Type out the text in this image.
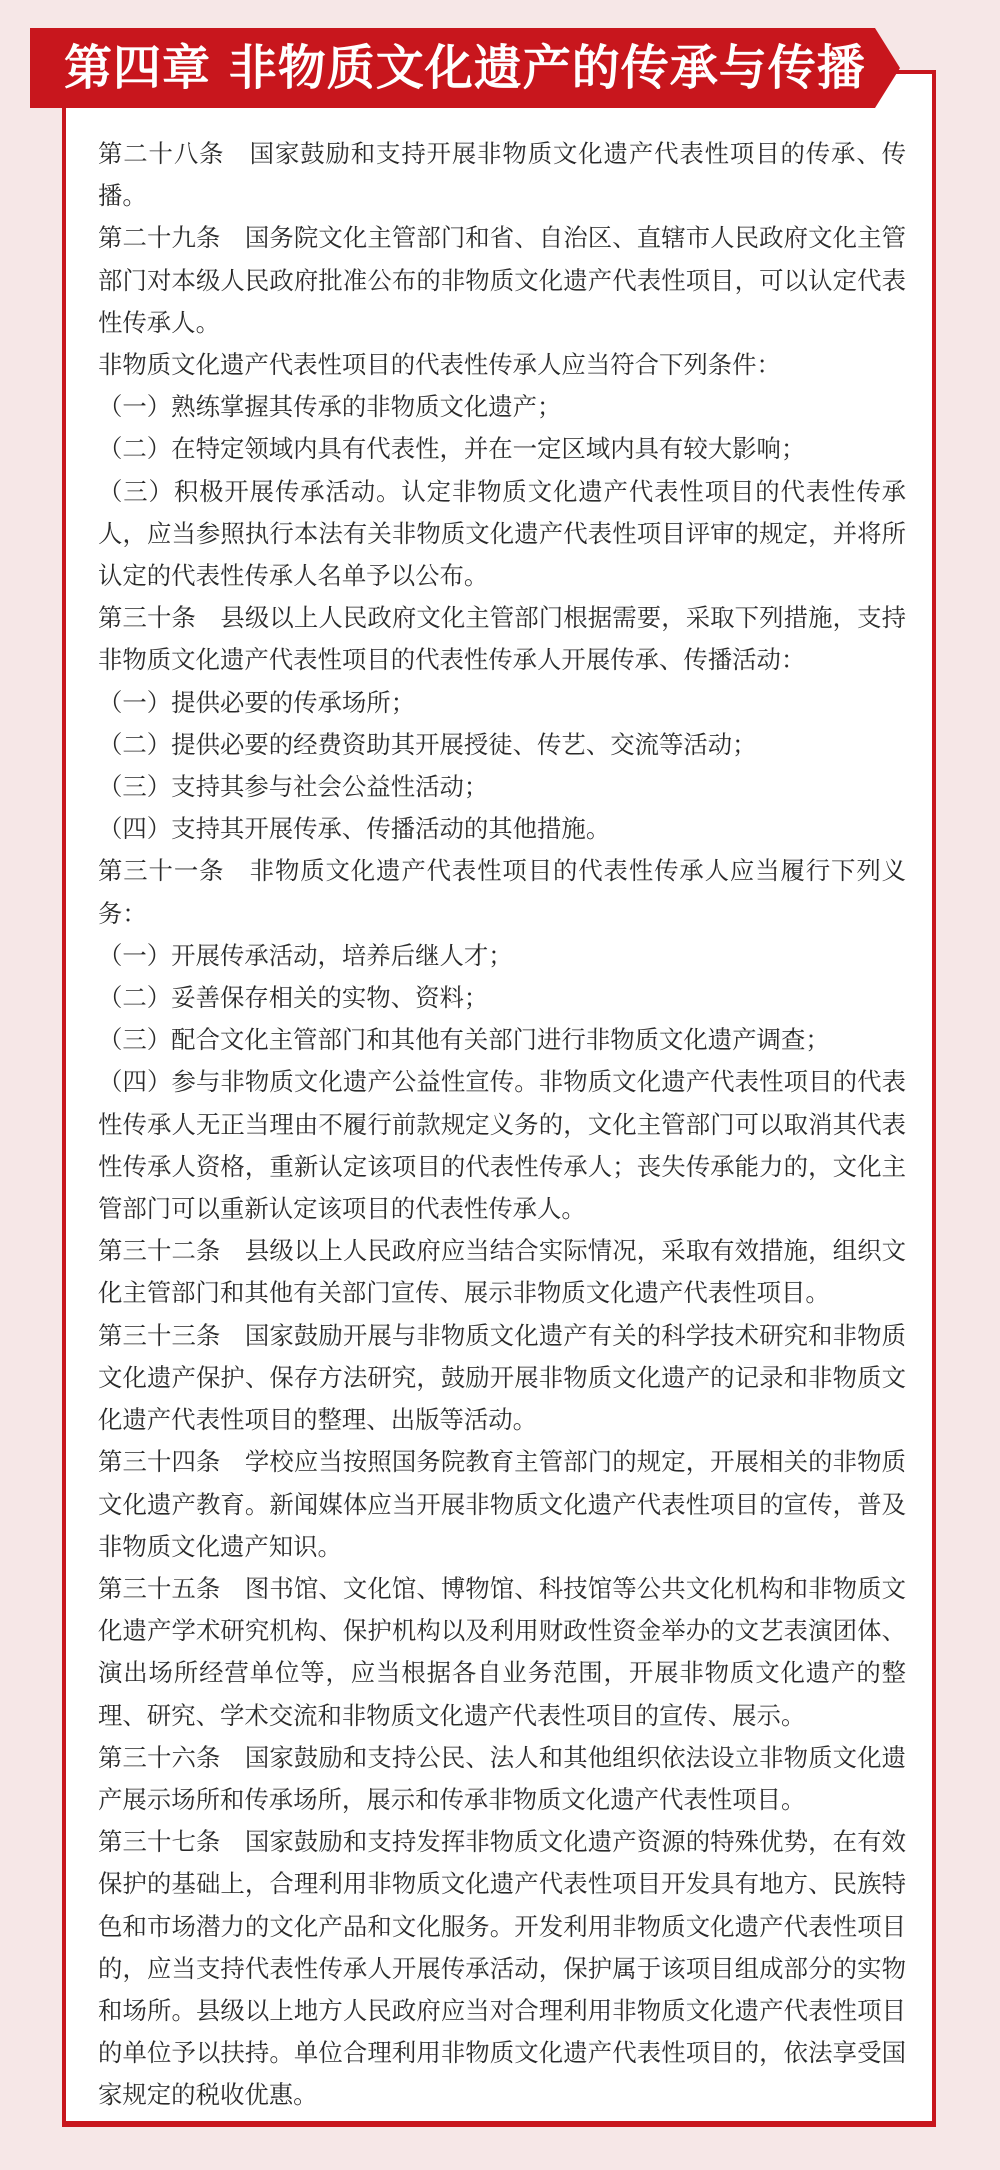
第四章 非物质文化遗产的传承与传播

第二十八条　国家鼓励和支持开展非物质文化遗产代表性项目的传承、传播。

第二十九条　国务院文化主管部门和省、自治区、直辖市人民政府文化主管部门对本级人民政府批准公布的非物质文化遗产代表性项目，可以认定代表性传承人。

非物质文化遗产代表性项目的代表性传承人应当符合下列条件：

（一）熟练掌握其传承的非物质文化遗产；

（二）在特定领域内具有代表性，并在一定区域内具有较大影响；

（三）积极开展传承活动。认定非物质文化遗产代表性项目的代表性传承人，应当参照执行本法有关非物质文化遗产代表性项目评审的规定，并将所认定的代表性传承人名单予以公布。

第三十条　县级以上人民政府文化主管部门根据需要，采取下列措施，支持非物质文化遗产代表性项目的代表性传承人开展传承、传播活动：

（一）提供必要的传承场所；

（二）提供必要的经费资助其开展授徒、传艺、交流等活动；

（三）支持其参与社会公益性活动；

（四）支持其开展传承、传播活动的其他措施。

第三十一条　非物质文化遗产代表性项目的代表性传承人应当履行下列义务：

（一）开展传承活动，培养后继人才；

（二）妥善保存相关的实物、资料；

（三）配合文化主管部门和其他有关部门进行非物质文化遗产调查；

（四）参与非物质文化遗产公益性宣传。非物质文化遗产代表性项目的代表性传承人无正当理由不履行前款规定义务的，文化主管部门可以取消其代表性传承人资格，重新认定该项目的代表性传承人；丧失传承能力的，文化主管部门可以重新认定该项目的代表性传承人。

第三十二条　县级以上人民政府应当结合实际情况，采取有效措施，组织文化主管部门和其他有关部门宣传、展示非物质文化遗产代表性项目。

第三十三条　国家鼓励开展与非物质文化遗产有关的科学技术研究和非物质文化遗产保护、保存方法研究，鼓励开展非物质文化遗产的记录和非物质文化遗产代表性项目的整理、出版等活动。

第三十四条　学校应当按照国务院教育主管部门的规定，开展相关的非物质文化遗产教育。新闻媒体应当开展非物质文化遗产代表性项目的宣传，普及非物质文化遗产知识。

第三十五条　图书馆、文化馆、博物馆、科技馆等公共文化机构和非物质文化遗产学术研究机构、保护机构以及利用财政性资金举办的文艺表演团体、演出场所经营单位等，应当根据各自业务范围，开展非物质文化遗产的整理、研究、学术交流和非物质文化遗产代表性项目的宣传、展示。

第三十六条　国家鼓励和支持公民、法人和其他组织依法设立非物质文化遗产展示场所和传承场所，展示和传承非物质文化遗产代表性项目。

第三十七条　国家鼓励和支持发挥非物质文化遗产资源的特殊优势，在有效保护的基础上，合理利用非物质文化遗产代表性项目开发具有地方、民族特色和市场潜力的文化产品和文化服务。开发利用非物质文化遗产代表性项目的，应当支持代表性传承人开展传承活动，保护属于该项目组成部分的实物和场所。县级以上地方人民政府应当对合理利用非物质文化遗产代表性项目的单位予以扶持。单位合理利用非物质文化遗产代表性项目的，依法享受国家规定的税收优惠。
